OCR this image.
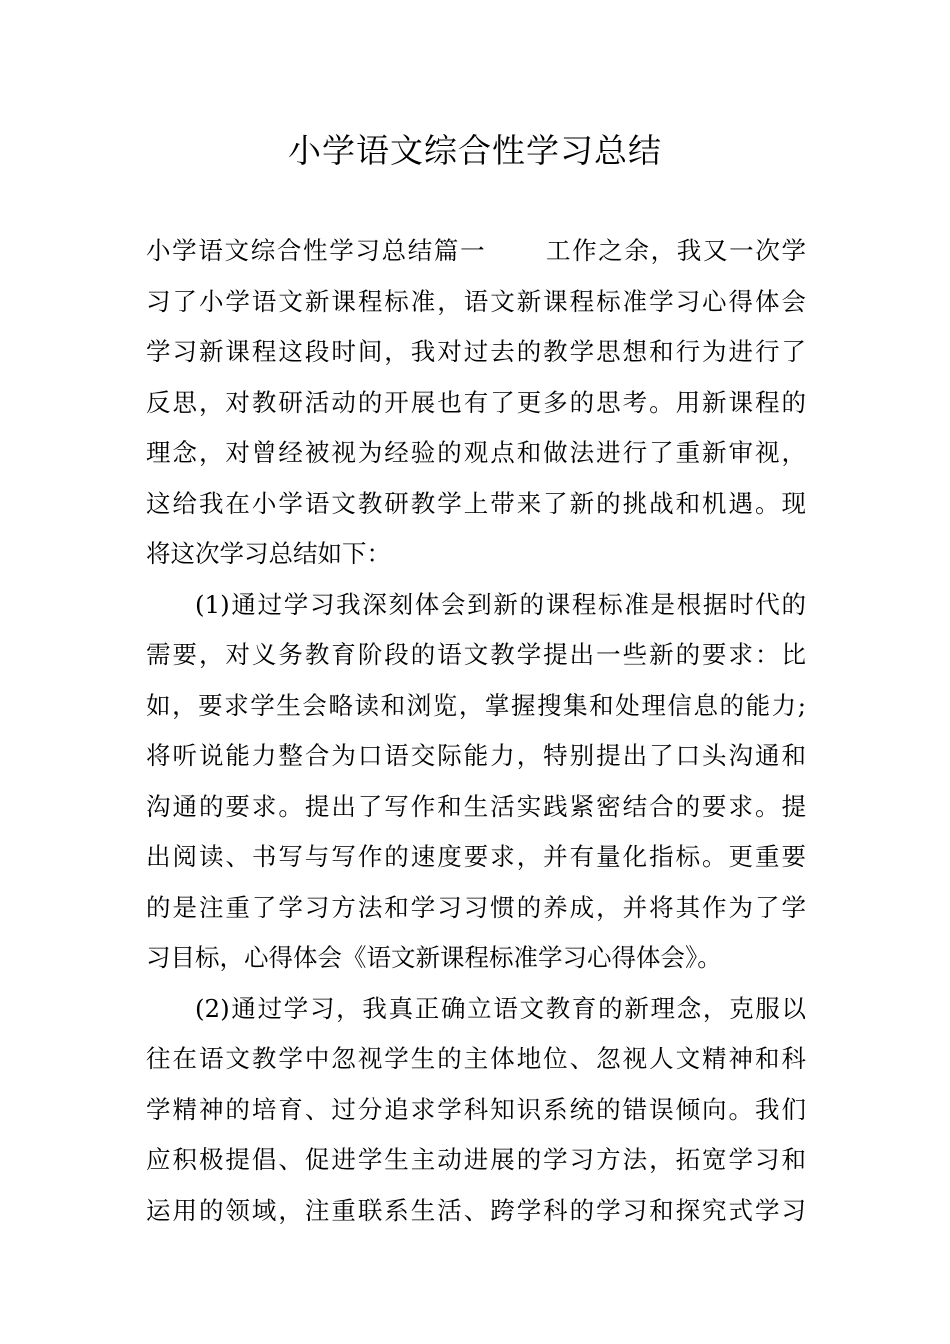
小学语文综合性学习总结
小学语文综合性学习总结篇一 工作之余，我又一次学
习了小学语文新课程标准，语文新课程标准学习心得体会
学习新课程这段时间，我对过去的教学思想和行为进行了
反思，对教研活动的开展也有了更多的思考。用新课程的
理念，对曾经被视为经验的观点和做法进行了重新审视，
这给我在小学语文教研教学上带来了新的挑战和机遇。现
将这次学习总结如下：
(1)通过学习我深刻体会到新的课程标准是根据时代的
需要，对义务教育阶段的语文教学提出一些新的要求：比
如，要求学生会略读和浏览，掌握搜集和处理信息的能力;
将听说能力整合为口语交际能力，特别提出了口头沟通和
沟通的要求。提出了写作和生活实践紧密结合的要求。提
出阅读、书写与写作的速度要求，并有量化指标。更重要
的是注重了学习方法和学习习惯的养成，并将其作为了学
习目标，心得体会《语文新课程标准学习心得体会》。
(2)通过学习，我真正确立语文教育的新理念，克服以
往在语文教学中忽视学生的主体地位、忽视人文精神和科
学精神的培育、过分追求学科知识系统的错误倾向。我们
应积极提倡、促进学生主动进展的学习方法，拓宽学习和
运用的领域，注重联系生活、跨学科的学习和探究式学习
